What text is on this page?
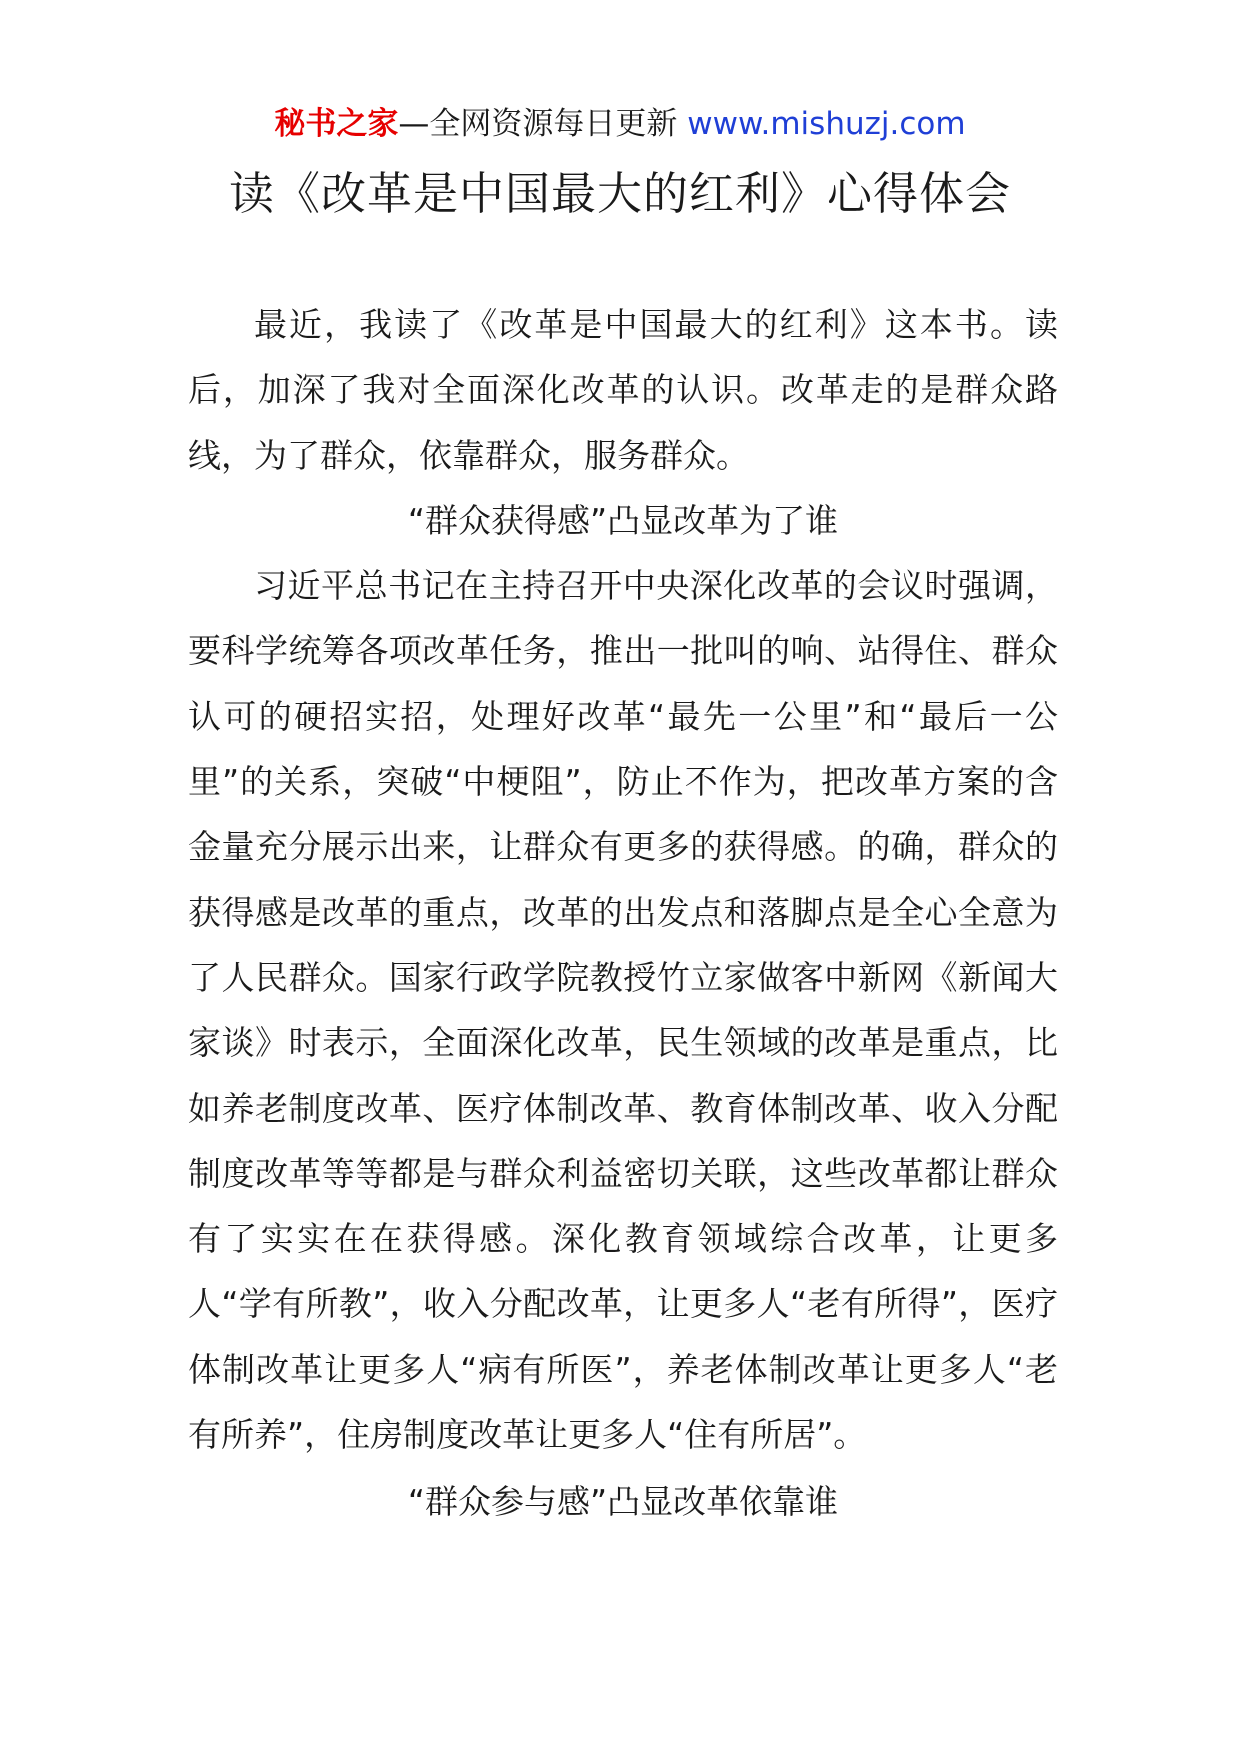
秘书之家—全网资源每日更新 www.mishuzj.com
读《改革是中国最大的红利》心得体会

最近，我读了《改革是中国最大的红利》这本书。读后，加深了我对全面深化改革的认识。改革走的是群众路线，为了群众，依靠群众，服务群众。

“群众获得感”凸显改革为了谁

习近平总书记在主持召开中央深化改革的会议时强调，要科学统筹各项改革任务，推出一批叫的响、站得住、群众认可的硬招实招，处理好改革“最先一公里”和“最后一公里”的关系，突破“中梗阻”，防止不作为，把改革方案的含金量充分展示出来，让群众有更多的获得感。的确，群众的获得感是改革的重点，改革的出发点和落脚点是全心全意为了人民群众。国家行政学院教授竹立家做客中新网《新闻大家谈》时表示，全面深化改革，民生领域的改革是重点，比如养老制度改革、医疗体制改革、教育体制改革、收入分配制度改革等等都是与群众利益密切关联，这些改革都让群众有了实实在在获得感。深化教育领域综合改革，让更多人“学有所教”，收入分配改革，让更多人“老有所得”，医疗体制改革让更多人“病有所医”，养老体制改革让更多人“老有所养”，住房制度改革让更多人“住有所居”。

“群众参与感”凸显改革依靠谁
